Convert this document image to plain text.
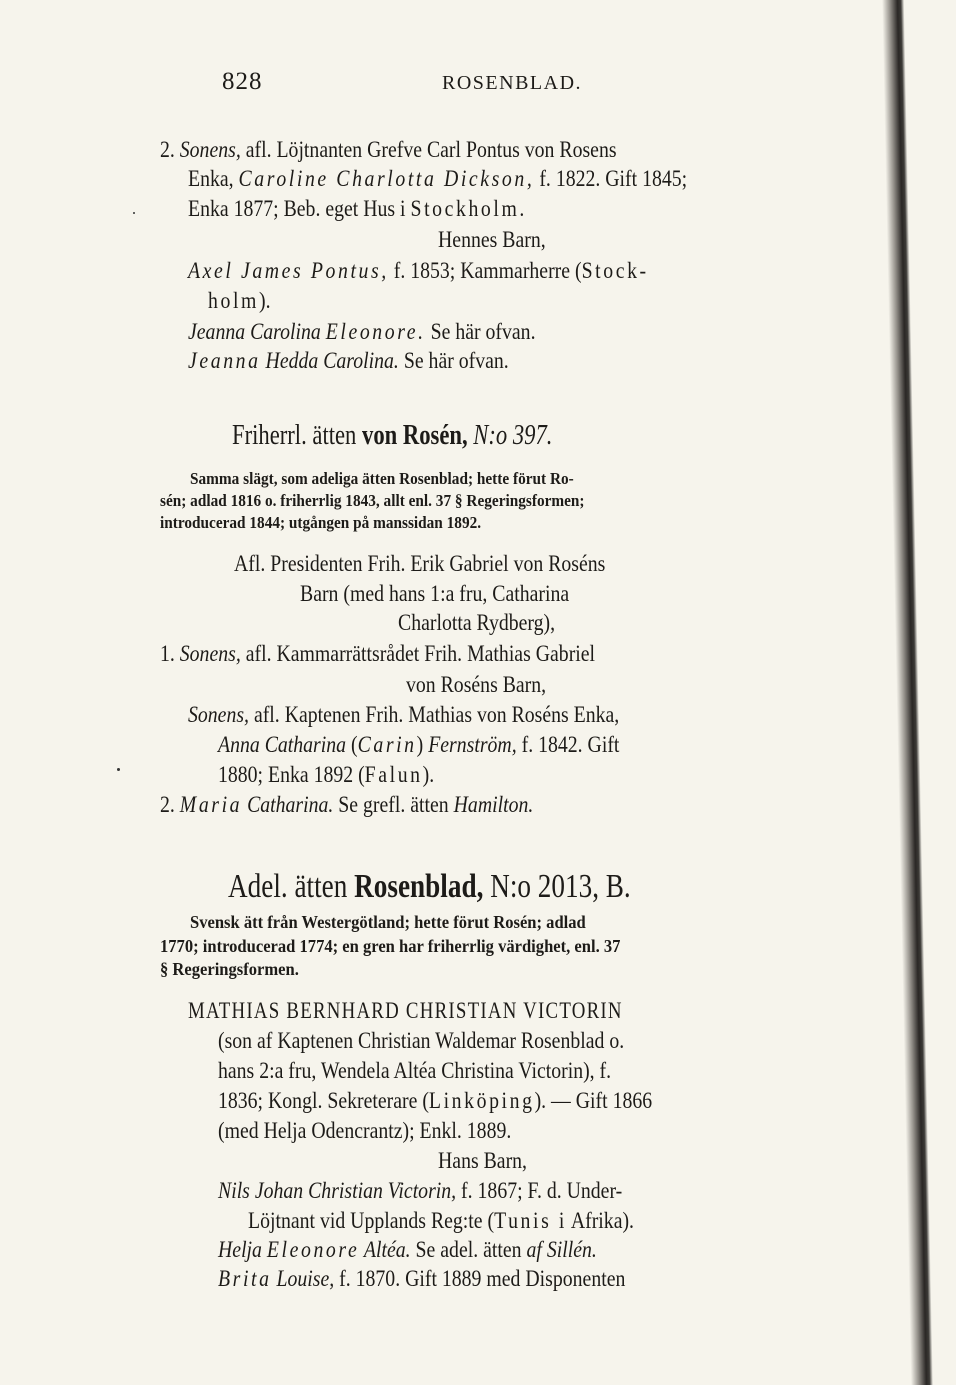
828	ROSENBLAD.
2. Sonens, afl. Löjtnanten Grefve Carl Pontus von Rosens
Enka, Caroline Charlotta Dickson, f. 1822. Gift 1845;
Enka 1877; Beb. eget Hus i Stockholm.
Hennes Barn,
Axel James Pontus, f. 1853; Kammarherre (Stock-
holm).
Jeanna Carolina Eleonore. Se här ofvan.
Jeanna Hedda Carolina. Se här ofvan.
Friherrl. ätten von Rosén, N:o 397.
Samma slägt, som adeliga ätten Rosenblad; hette förut Ro-
sén; adlad 1816 o. friherrlig 1843, allt enl. 37 § Regeringsformen;
introducerad 1844; utgången på manssidan 1892.
Afl. Presidenten Frih. Erik Gabriel von Roséns
Barn (med hans 1:a fru, Catharina
Charlotta Rydberg),
1. Sonens, afl. Kammarrättsrådet Frih. Mathias Gabriel
von Roséns Barn,
Sonens, afl. Kaptenen Frih. Mathias von Roséns Enka,
Anna Catharina (Carin) Fernström, f. 1842. Gift
1880; Enka 1892 (Falun).
2. Maria Catharina. Se grefl. ätten Hamilton.
Adel. ätten Rosenblad, N:o 2013, B.
Svensk ätt från Westergötland; hette förut Rosén; adlad
1770; introducerad 1774; en gren har friherrlig värdighet, enl. 37
§ Regeringsformen.
MATHIAS BERNHARD CHRISTIAN VICTORIN
(son af Kaptenen Christian Waldemar Rosenblad o.
hans 2:a fru, Wendela Altéa Christina Victorin), f.
1836; Kongl. Sekreterare (Linköping). — Gift 1866
(med Helja Odencrantz); Enkl. 1889.
Hans Barn,
Nils Johan Christian Victorin, f. 1867; F. d. Under-
Löjtnant vid Upplands Reg:te (Tunis i Afrika).
Helja Eleonore Altéa. Se adel. ätten af Sillén.
Brita Louise, f. 1870. Gift 1889 med Disponenten
